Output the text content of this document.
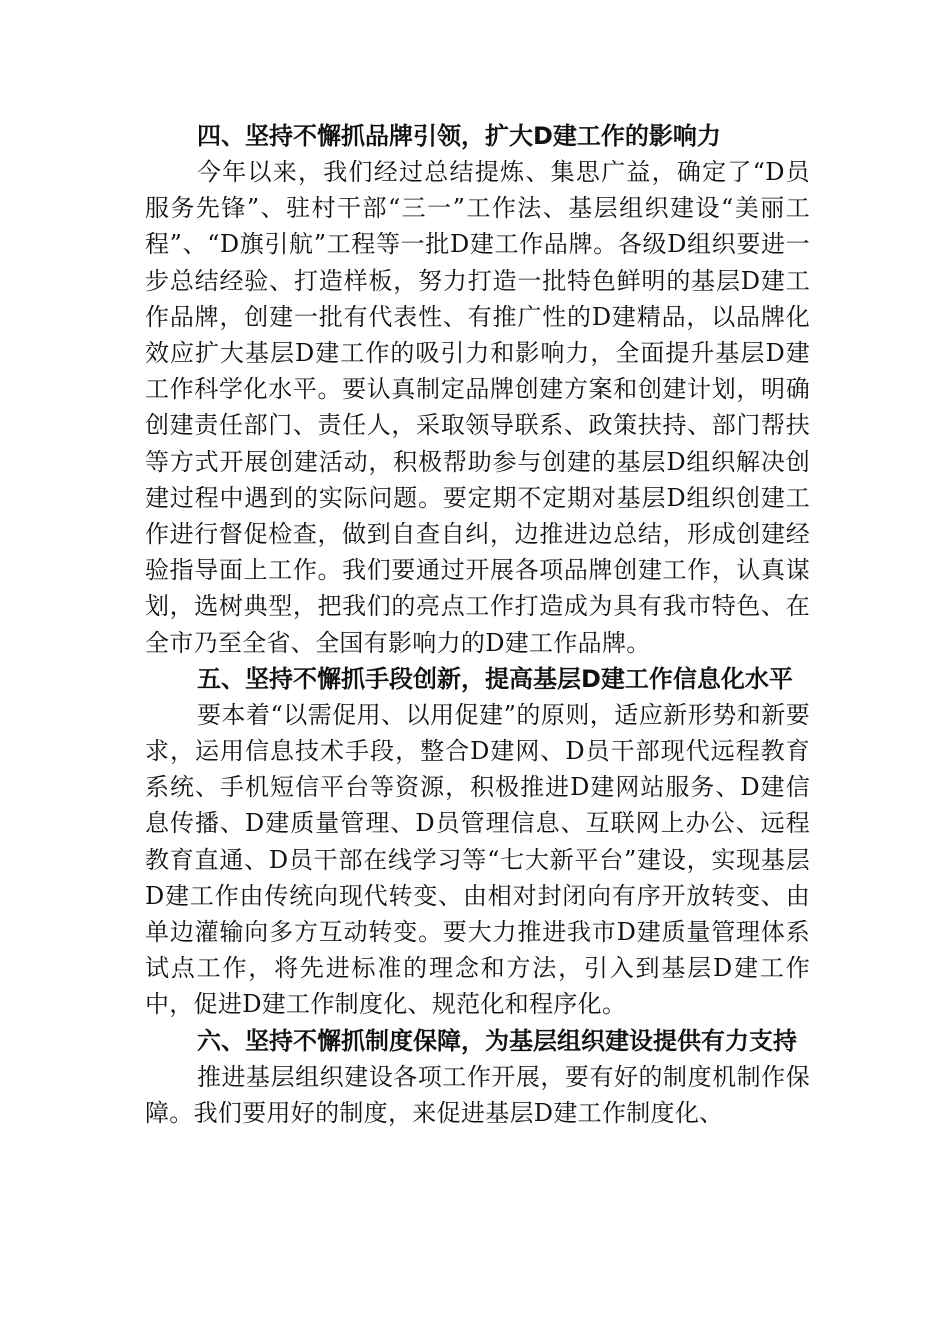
四、坚持不懈抓品牌引领，扩大D建工作的影响力

今年以来，我们经过总结提炼、集思广益，确定了“D员服务先锋”、驻村干部“三一”工作法、基层组织建设“美丽工程”、“D旗引航”工程等一批D建工作品牌。各级D组织要进一步总结经验、打造样板，努力打造一批特色鲜明的基层D建工作品牌，创建一批有代表性、有推广性的D建精品，以品牌化效应扩大基层D建工作的吸引力和影响力，全面提升基层D建工作科学化水平。要认真制定品牌创建方案和创建计划，明确创建责任部门、责任人，采取领导联系、政策扶持、部门帮扶等方式开展创建活动，积极帮助参与创建的基层D组织解决创建过程中遇到的实际问题。要定期不定期对基层D组织创建工作进行督促检查，做到自查自纠，边推进边总结，形成创建经验指导面上工作。我们要通过开展各项品牌创建工作，认真谋划，选树典型，把我们的亮点工作打造成为具有我市特色、在全市乃至全省、全国有影响力的D建工作品牌。

五、坚持不懈抓手段创新，提高基层D建工作信息化水平

要本着“以需促用、以用促建”的原则，适应新形势和新要求，运用信息技术手段，整合D建网、D员干部现代远程教育系统、手机短信平台等资源，积极推进D建网站服务、D建信息传播、D建质量管理、D员管理信息、互联网上办公、远程教育直通、D员干部在线学习等“七大新平台”建设，实现基层D建工作由传统向现代转变、由相对封闭向有序开放转变、由单边灌输向多方互动转变。要大力推进我市D建质量管理体系试点工作，将先进标准的理念和方法，引入到基层D建工作中，促进D建工作制度化、规范化和程序化。

六、坚持不懈抓制度保障，为基层组织建设提供有力支持

推进基层组织建设各项工作开展，要有好的制度机制作保障。我们要用好的制度，来促进基层D建工作制度化、
